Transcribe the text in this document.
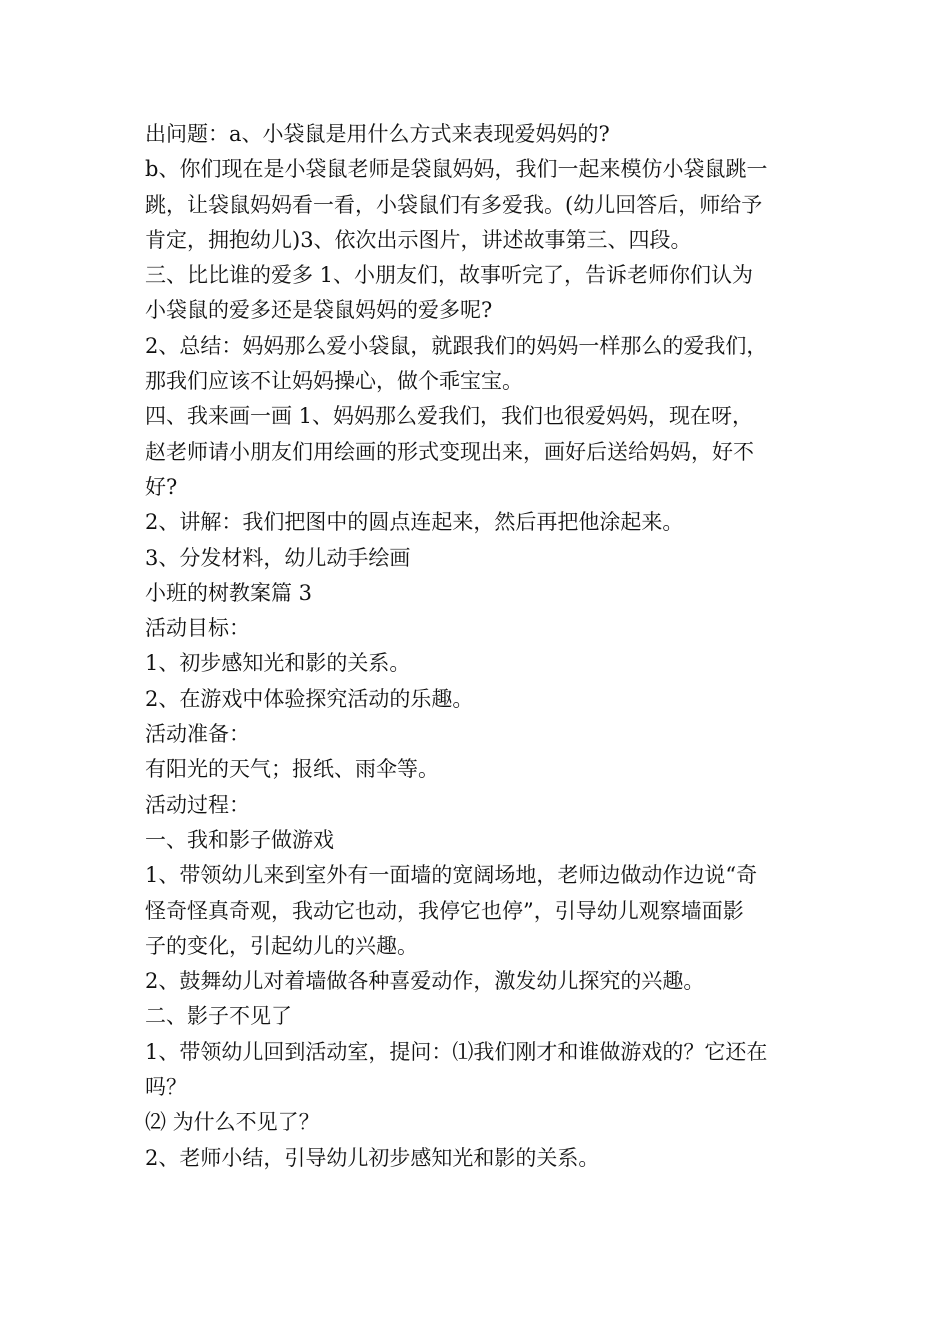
出问题：a、小袋鼠是用什么方式来表现爱妈妈的?
b、你们现在是小袋鼠老师是袋鼠妈妈，我们一起来模仿小袋鼠跳一
跳，让袋鼠妈妈看一看，小袋鼠们有多爱我。(幼儿回答后，师给予
肯定，拥抱幼儿)3、依次出示图片，讲述故事第三、四段。
三、比比谁的爱多 1、小朋友们，故事听完了，告诉老师你们认为
小袋鼠的爱多还是袋鼠妈妈的爱多呢?
2、总结：妈妈那么爱小袋鼠，就跟我们的妈妈一样那么的爱我们，
那我们应该不让妈妈操心，做个乖宝宝。
四、我来画一画 1、妈妈那么爱我们，我们也很爱妈妈，现在呀，
赵老师请小朋友们用绘画的形式变现出来，画好后送给妈妈，好不
好?
2、讲解：我们把图中的圆点连起来，然后再把他涂起来。
3、分发材料，幼儿动手绘画
小班的树教案篇 3
活动目标：
1、初步感知光和影的关系。
2、在游戏中体验探究活动的乐趣。
活动准备：
有阳光的天气；报纸、雨伞等。
活动过程：
一、我和影子做游戏
1、带领幼儿来到室外有一面墙的宽阔场地，老师边做动作边说“奇
怪奇怪真奇观，我动它也动，我停它也停”，引导幼儿观察墙面影
子的变化，引起幼儿的兴趣。
2、鼓舞幼儿对着墙做各种喜爱动作，激发幼儿探究的兴趣。
二、影子不见了
1、带领幼儿回到活动室，提问：⑴我们刚才和谁做游戏的？它还在
吗？
⑵ 为什么不见了？
2、老师小结，引导幼儿初步感知光和影的关系。
